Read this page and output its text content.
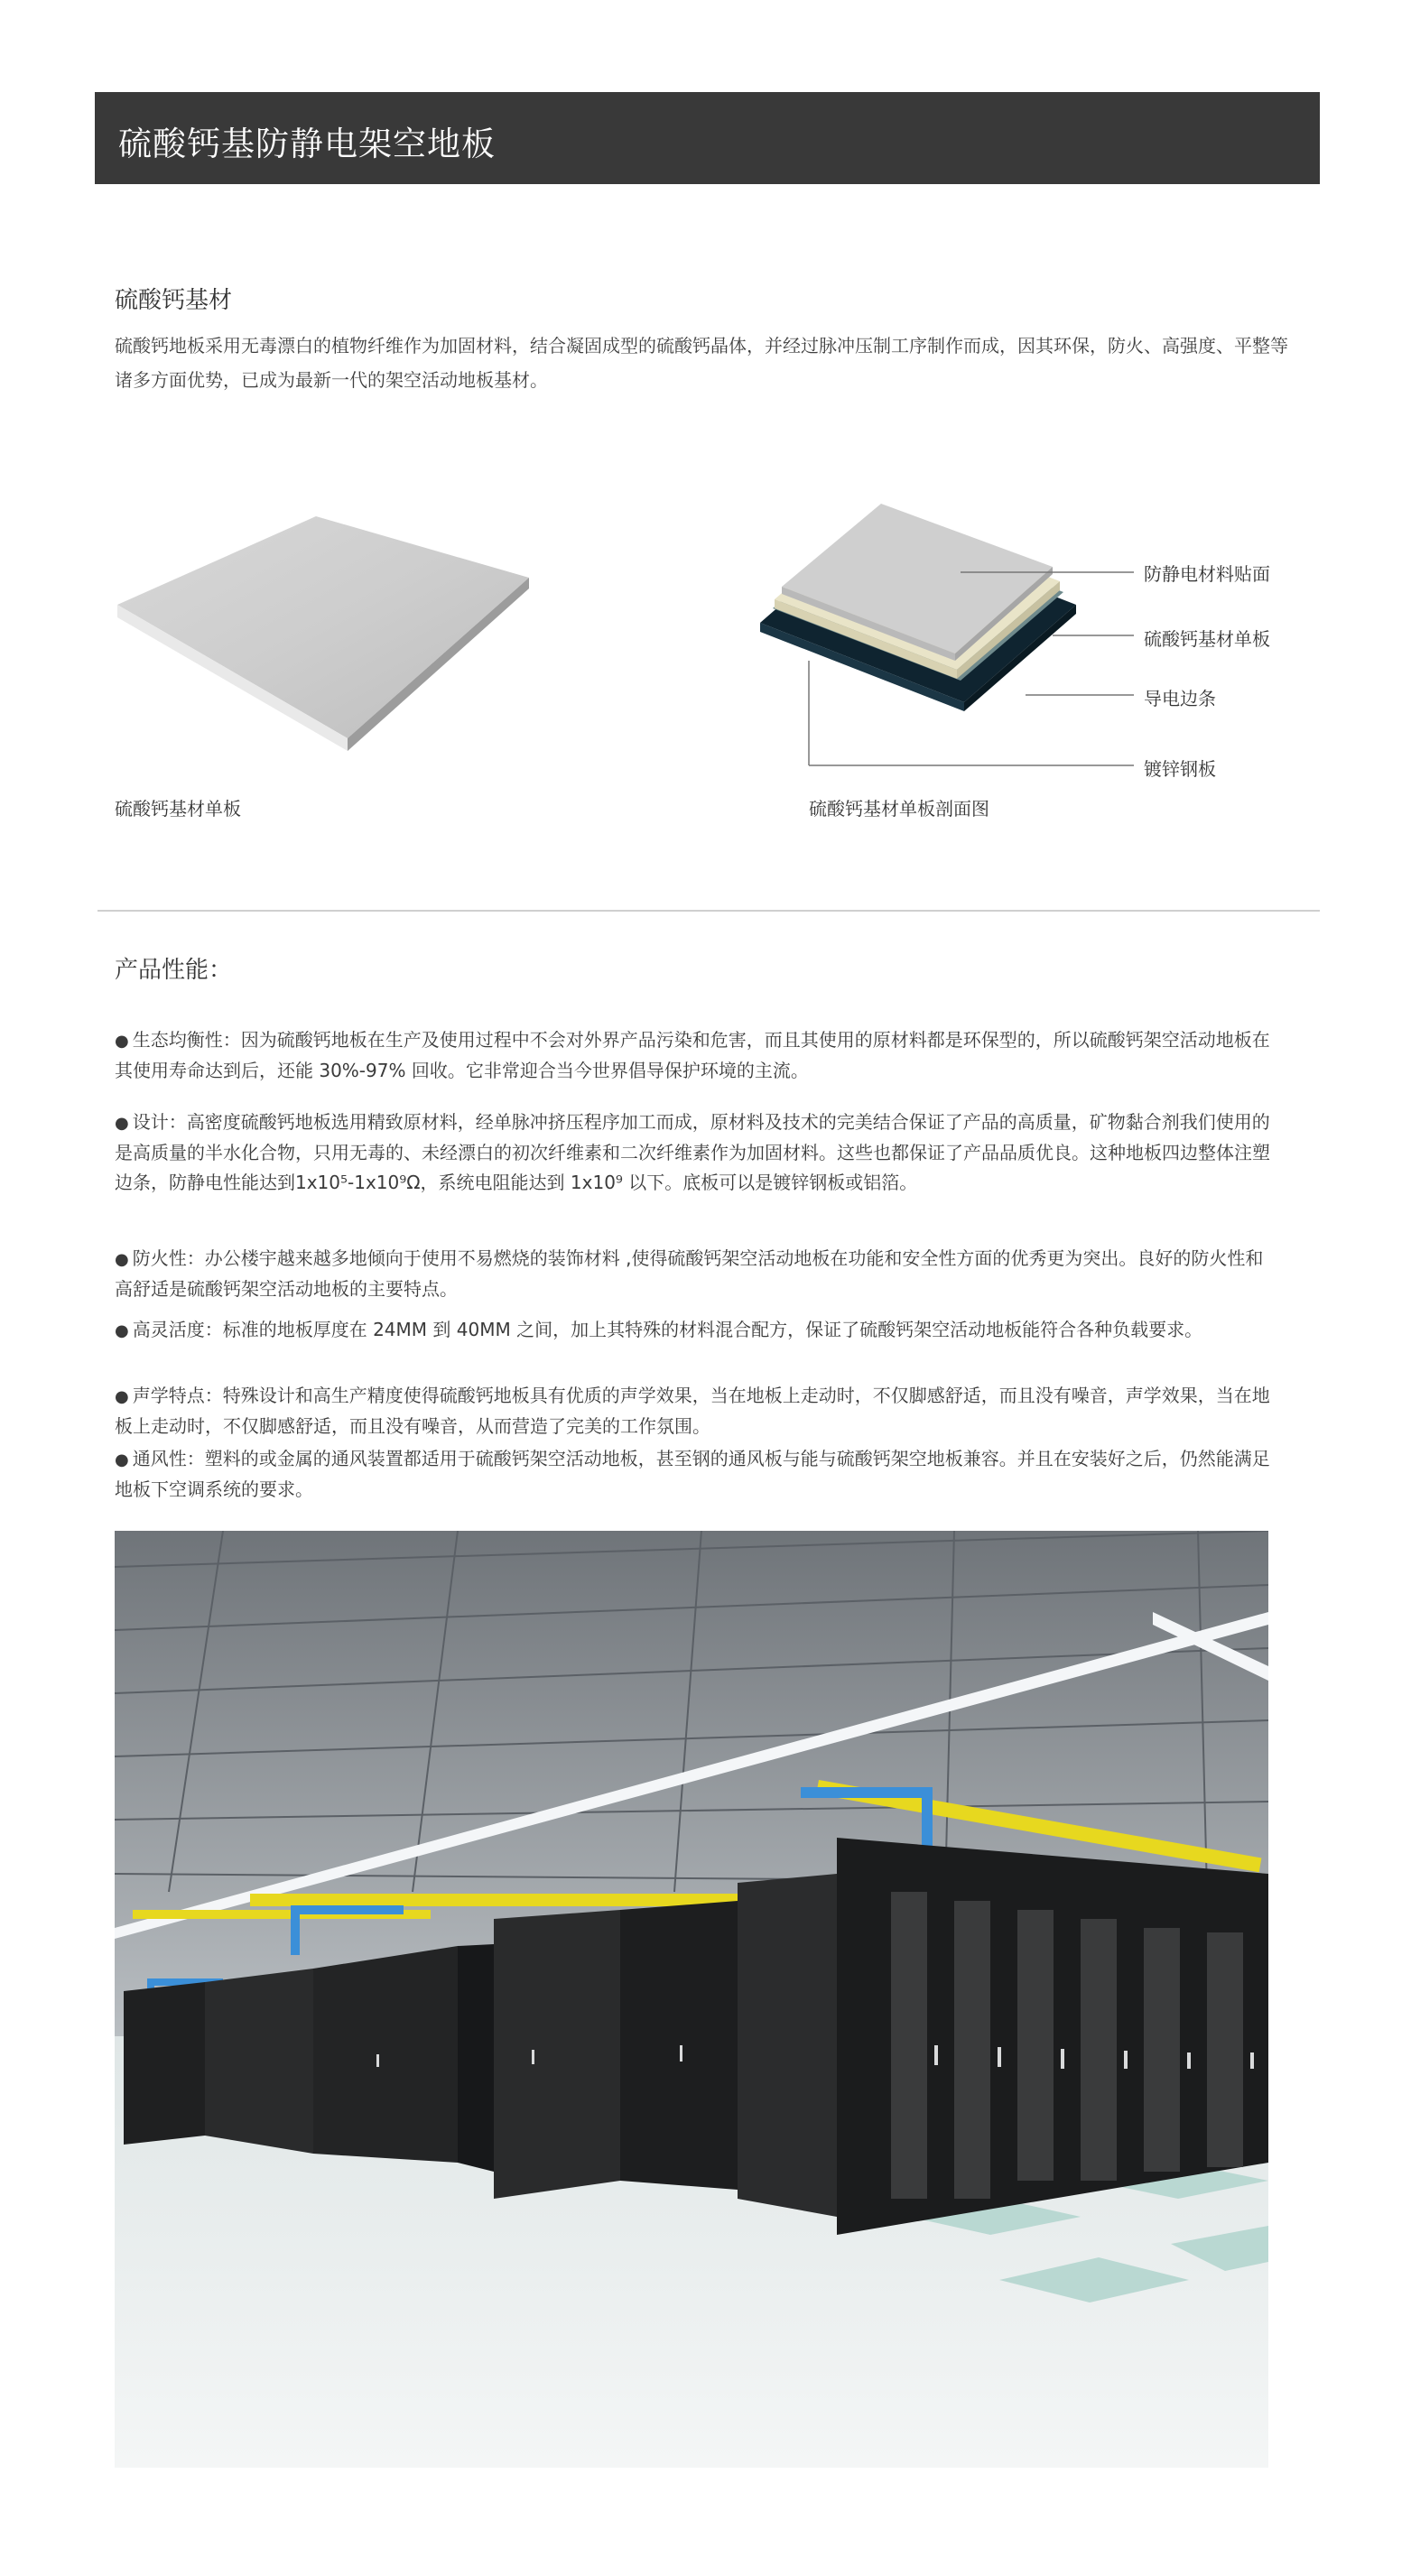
硫酸钙基防静电架空地板
硫酸钙基材

硫酸钙地板采用无毒漂白的植物纤维作为加固材料，结合凝固成型的硫酸钙晶体，并经过脉冲压制工序制作而成，因其环保，防火、高强度、平整等诸多方面优势，已成为最新一代的架空活动地板基材。

硫酸钙基材单板
防静电材料贴面
硫酸钙基材单板
导电边条
镀锌钢板
硫酸钙基材单板剖面图
产品性能：

● 生态均衡性：因为硫酸钙地板在生产及使用过程中不会对外界产品污染和危害，而且其使用的原材料都是环保型的，所以硫酸钙架空活动地板在其使用寿命达到后，还能 30%-97% 回收。它非常迎合当今世界倡导保护环境的主流。

● 设计：高密度硫酸钙地板选用精致原材料，经单脉冲挤压程序加工而成，原材料及技术的完美结合保证了产品的高质量，矿物黏合剂我们使用的是高质量的半水化合物，只用无毒的、未经漂白的初次纤维素和二次纤维素作为加固材料。这些也都保证了产品品质优良。这种地板四边整体注塑边条，防静电性能达到1x10⁵-1x10⁹Ω，系统电阻能达到 1x10⁹ 以下。底板可以是镀锌钢板或铝箔。

● 防火性：办公楼宇越来越多地倾向于使用不易燃烧的装饰材料 ,使得硫酸钙架空活动地板在功能和安全性方面的优秀更为突出。良好的防火性和高舒适是硫酸钙架空活动地板的主要特点。

● 高灵活度：标准的地板厚度在 24MM 到 40MM 之间，加上其特殊的材料混合配方，保证了硫酸钙架空活动地板能符合各种负载要求。

● 声学特点：特殊设计和高生产精度使得硫酸钙地板具有优质的声学效果，当在地板上走动时，不仅脚感舒适，而且没有噪音，声学效果，当在地板上走动时，不仅脚感舒适，而且没有噪音，从而营造了完美的工作氛围。

● 通风性：塑料的或金属的通风装置都适用于硫酸钙架空活动地板，甚至钢的通风板与能与硫酸钙架空地板兼容。并且在安装好之后，仍然能满足地板下空调系统的要求。
